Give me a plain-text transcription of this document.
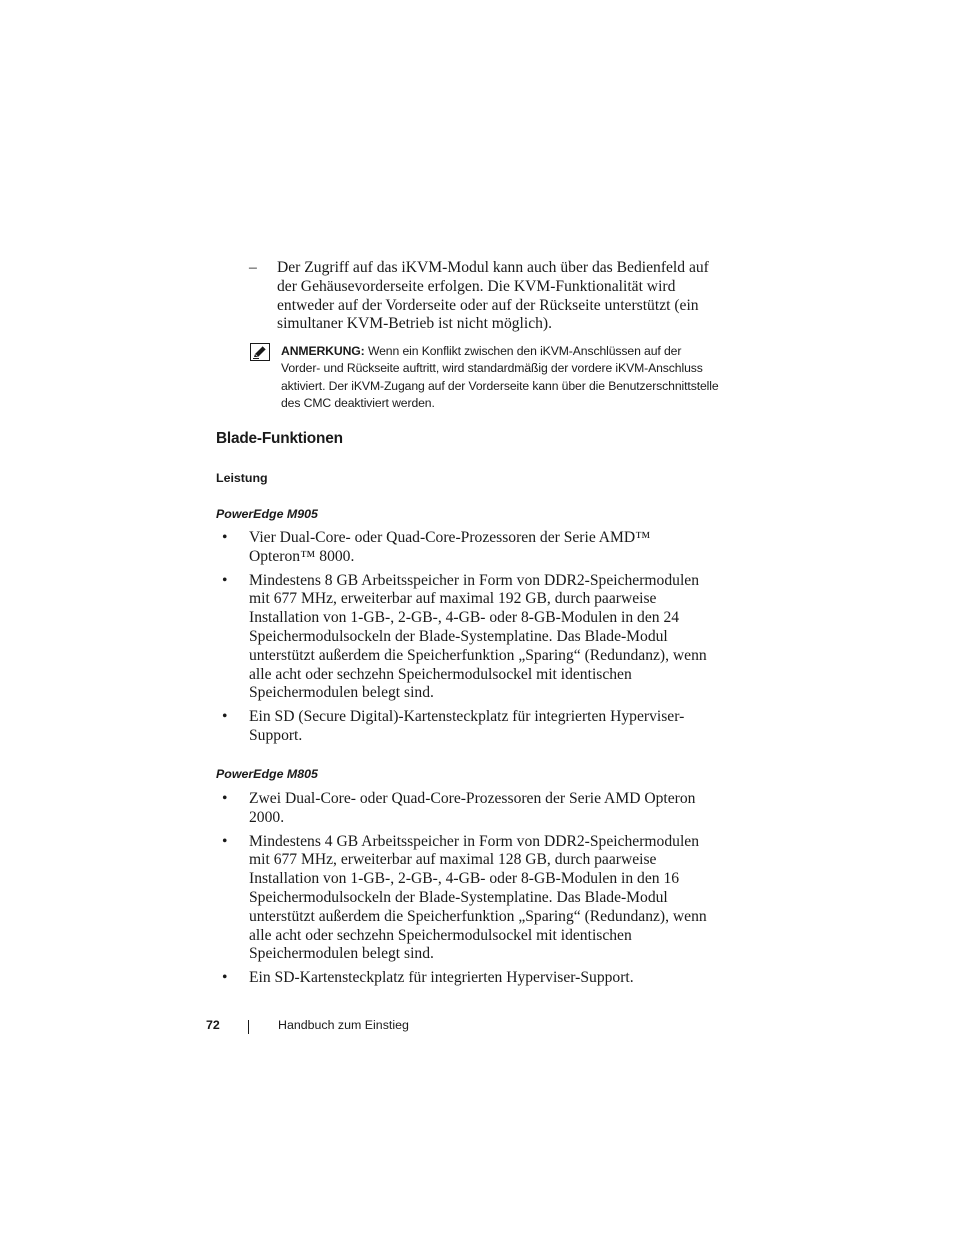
– Der Zugriff auf das iKVM-Modul kann auch über das Bedienfeld auf der Gehäusevorderseite erfolgen. Die KVM-Funktionalität wird entweder auf der Vorderseite oder auf der Rückseite unterstützt (ein simultaner KVM-Betrieb ist nicht möglich).
ANMERKUNG: Wenn ein Konflikt zwischen den iKVM-Anschlüssen auf der Vorder- und Rückseite auftritt, wird standardmäßig der vordere iKVM-Anschluss aktiviert. Der iKVM-Zugang auf der Vorderseite kann über die Benutzerschnittstelle des CMC deaktiviert werden.
Blade-Funktionen
Leistung
PowerEdge M905
• Vier Dual-Core- oder Quad-Core-Prozessoren der Serie AMD™ Opteron™ 8000.
• Mindestens 8 GB Arbeitsspeicher in Form von DDR2-Speichermodulen mit 677 MHz, erweiterbar auf maximal 192 GB, durch paarweise Installation von 1-GB-, 2-GB-, 4-GB- oder 8-GB-Modulen in den 24 Speichermodulsockeln der Blade-Systemplatine. Das Blade-Modul unterstützt außerdem die Speicherfunktion „Sparing“ (Redundanz), wenn alle acht oder sechzehn Speichermodulsockel mit identischen Speichermodulen belegt sind.
• Ein SD (Secure Digital)-Kartensteckplatz für integrierten Hyperviser-Support.
PowerEdge M805
• Zwei Dual-Core- oder Quad-Core-Prozessoren der Serie AMD Opteron 2000.
• Mindestens 4 GB Arbeitsspeicher in Form von DDR2-Speichermodulen mit 677 MHz, erweiterbar auf maximal 128 GB, durch paarweise Installation von 1-GB-, 2-GB-, 4-GB- oder 8-GB-Modulen in den 16 Speichermodulsockeln der Blade-Systemplatine. Das Blade-Modul unterstützt außerdem die Speicherfunktion „Sparing“ (Redundanz), wenn alle acht oder sechzehn Speichermodulsockel mit identischen Speichermodulen belegt sind.
• Ein SD-Kartensteckplatz für integrierten Hyperviser-Support.
72	Handbuch zum Einstieg
